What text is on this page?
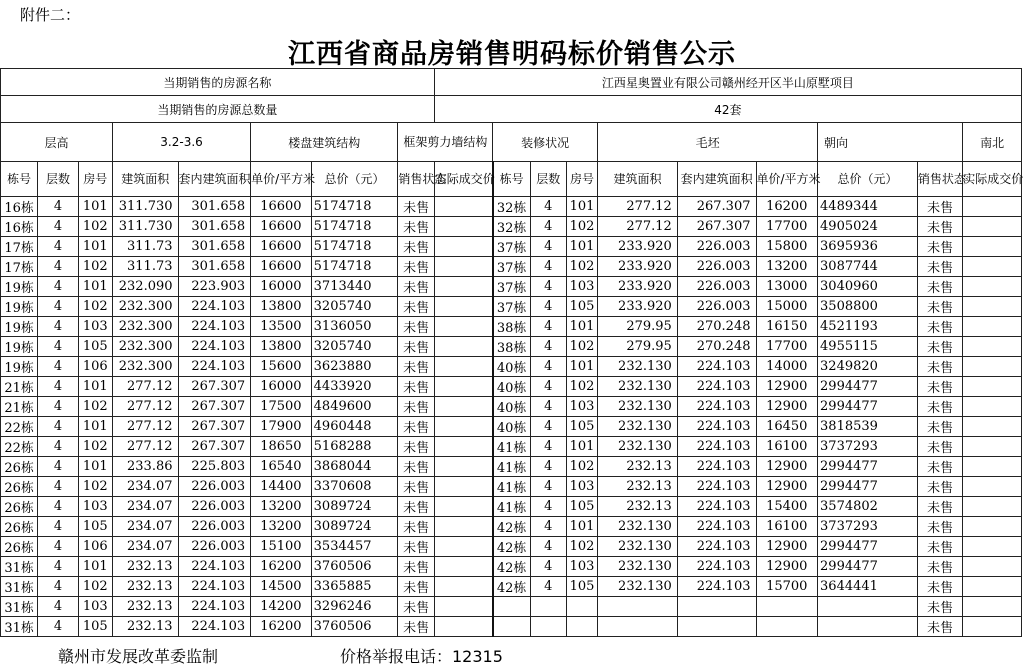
附件二：
江西省商品房销售明码标价销售公示
当期销售的房源名称								江西星奥置业有限公司赣州经开区半山原墅项目									
当期销售的房源总数量								42套									
层高			3.2-3.6		楼盘建筑结构		框架剪力墙结构		装修状况			毛坯			朝向		南北
栋号	层数	房号	建筑面积	套内建筑面积	单价/平方米	总价（元）	销售状态	实际成交价	栋号	层数	房号	建筑面积	套内建筑面积	单价/平方米	总价（元）	销售状态	实际成交价
16栋	4	101	311.730	301.658	16600	5174718	未售		32栋	4	101	277.12	267.307	16200	4489344	未售	
16栋	4	102	311.730	301.658	16600	5174718	未售		32栋	4	102	277.12	267.307	17700	4905024	未售	
17栋	4	101	311.73	301.658	16600	5174718	未售		37栋	4	101	233.920	226.003	15800	3695936	未售	
17栋	4	102	311.73	301.658	16600	5174718	未售		37栋	4	102	233.920	226.003	13200	3087744	未售	
19栋	4	101	232.090	223.903	16000	3713440	未售		37栋	4	103	233.920	226.003	13000	3040960	未售	
19栋	4	102	232.300	224.103	13800	3205740	未售		37栋	4	105	233.920	226.003	15000	3508800	未售	
19栋	4	103	232.300	224.103	13500	3136050	未售		38栋	4	101	279.95	270.248	16150	4521193	未售	
19栋	4	105	232.300	224.103	13800	3205740	未售		38栋	4	102	279.95	270.248	17700	4955115	未售	
19栋	4	106	232.300	224.103	15600	3623880	未售		40栋	4	101	232.130	224.103	14000	3249820	未售	
21栋	4	101	277.12	267.307	16000	4433920	未售		40栋	4	102	232.130	224.103	12900	2994477	未售	
21栋	4	102	277.12	267.307	17500	4849600	未售		40栋	4	103	232.130	224.103	12900	2994477	未售	
22栋	4	101	277.12	267.307	17900	4960448	未售		40栋	4	105	232.130	224.103	16450	3818539	未售	
22栋	4	102	277.12	267.307	18650	5168288	未售		41栋	4	101	232.130	224.103	16100	3737293	未售	
26栋	4	101	233.86	225.803	16540	3868044	未售		41栋	4	102	232.13	224.103	12900	2994477	未售	
26栋	4	102	234.07	226.003	14400	3370608	未售		41栋	4	103	232.13	224.103	12900	2994477	未售	
26栋	4	103	234.07	226.003	13200	3089724	未售		41栋	4	105	232.13	224.103	15400	3574802	未售	
26栋	4	105	234.07	226.003	13200	3089724	未售		42栋	4	101	232.130	224.103	16100	3737293	未售	
26栋	4	106	234.07	226.003	15100	3534457	未售		42栋	4	102	232.130	224.103	12900	2994477	未售	
31栋	4	101	232.13	224.103	16200	3760506	未售		42栋	4	103	232.130	224.103	12900	2994477	未售	
31栋	4	102	232.13	224.103	14500	3365885	未售		42栋	4	105	232.130	224.103	15700	3644441	未售	
31栋	4	103	232.13	224.103	14200	3296246	未售									未售	
31栋	4	105	232.13	224.103	16200	3760506	未售									未售	
赣州市发展改革委监制	价格举报电话：12315
